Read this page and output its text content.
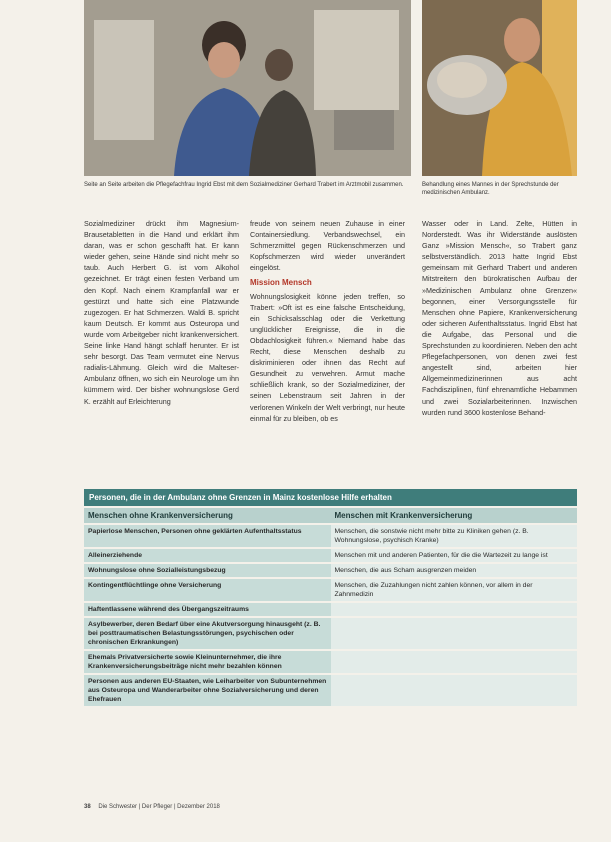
Seite an Seite arbeiten die Pflegefachfrau Ingrid Ebst mit dem Sozialmediziner Gerhard Trabert im Arztmobil zusammen.	Behandlung eines Mannes in der Sprechstunde der medizinischen Ambulanz.

Sozialmediziner drückt ihm Magnesium-Brausetabletten in die Hand und erklärt ihm daran, was er schon geschafft hat. Er kann wieder gehen, seine Hände sind nicht mehr so taub. Auch Herbert G. ist vom Alkohol gezeichnet. Er trägt einen festen Verband um den Kopf. Nach einem Krampfanfall war er gestürzt und hatte sich eine Platzwunde zugezogen. Er hat Schmerzen. Waldi B. spricht kaum Deutsch. Er kommt aus Osteuropa und wurde vom Arbeitgeber nicht krankenversichert. Seine linke Hand hängt schlaff herunter. Er ist sehr besorgt. Das Team vermutet eine Nervus radialis-Lähmung. Gleich wird die Malteser-Ambulanz öffnen, wo sich ein Neurologe um ihn kümmern wird. Der bisher wohnungslose Gerd K. erzählt auf Erleichterung

freude von seinem neuen Zuhause in einer Containersiedlung. Verbandswechsel, ein Schmerzmittel gegen Rückenschmerzen und Kopfschmerzen wird wieder unverändert eingelöst.

Mission Mensch

Wohnungslosigkeit könne jeden treffen, so Trabert: »Oft ist es eine falsche Entscheidung, ein Schicksalsschlag oder die Verkettung unglücklicher Ereignisse, die in die Obdachlosigkeit führen.« Niemand habe das Recht, diese Menschen deshalb zu diskriminieren oder ihnen das Recht auf Gesundheit zu verwehren. Armut mache schließlich krank, so der Sozialmediziner, der seinen Lebenstraum seit Jahren in der verlorenen Winkeln der Welt verbringt, nur heute einmal für zu bleiben, ob es

Wasser oder in Land. Zelte, Hütten in Norderstedt. Was ihr Widerstände auslösten Ganz »Mission Mensch«, so Trabert ganz selbstverständlich. 2013 hatte Ingrid Ebst gemeinsam mit Gerhard Trabert und anderen Mitstreitern den bürokratischen Aufbau der »Medizinischen Ambulanz ohne Grenzen« begonnen, einer Versorgungsstelle für Menschen ohne Papiere, Krankenversicherung oder sicheren Aufenthaltsstatus. Ingrid Ebst hat die Aufgabe, das Personal und die Sprechstunden zu koordinieren. Neben den acht Pflegefachpersonen, von denen zwei fest angestellt sind, arbeiten hier Allgemeinmedizinerinnen aus acht Fachdisziplinen, fünf ehrenamtliche Hebammen und zwei Sozialarbeiterinnen. Inzwischen wurden rund 3600 kostenlose Behand-

Personen, die in der Ambulanz ohne Grenzen in Mainz kostenlose Hilfe erhalten
Menschen ohne Krankenversicherung	Menschen mit Krankenversicherung
Papierlose Menschen, Personen ohne geklärten Aufenthaltsstatus	Menschen, die sonstwie nicht mehr bitte zu Kliniken gehen (z. B. Wohnungslose, psychisch Kranke)
Alleinerziehende	Menschen mit und anderen Patienten, für die die Wartezeit zu lange ist
Wohnungslose ohne Sozialleistungsbezug	Menschen, die aus Scham ausgrenzen meiden
Kontingentflüchtlinge ohne Versicherung	Menschen, die Zuzahlungen nicht zahlen können, vor allem in der Zahnmedizin
Haftentlassene während des Übergangszeitraums	
Asylbewerber, deren Bedarf über eine Akutversorgung hinausgeht (z. B. bei posttraumatischen Belastungsstörungen, psychischen oder chronischen Erkrankungen)	
Ehemals Privatversicherte sowie Kleinunternehmer, die ihre Krankenversicherungsbeiträge nicht mehr bezahlen können	
Personen aus anderen EU-Staaten, wie Leiharbeiter von Subunternehmen aus Osteuropa und Wanderarbeiter ohne Sozialversicherung und deren Ehefrauen	
38 Die Schwester | Der Pfleger | Dezember 2018
